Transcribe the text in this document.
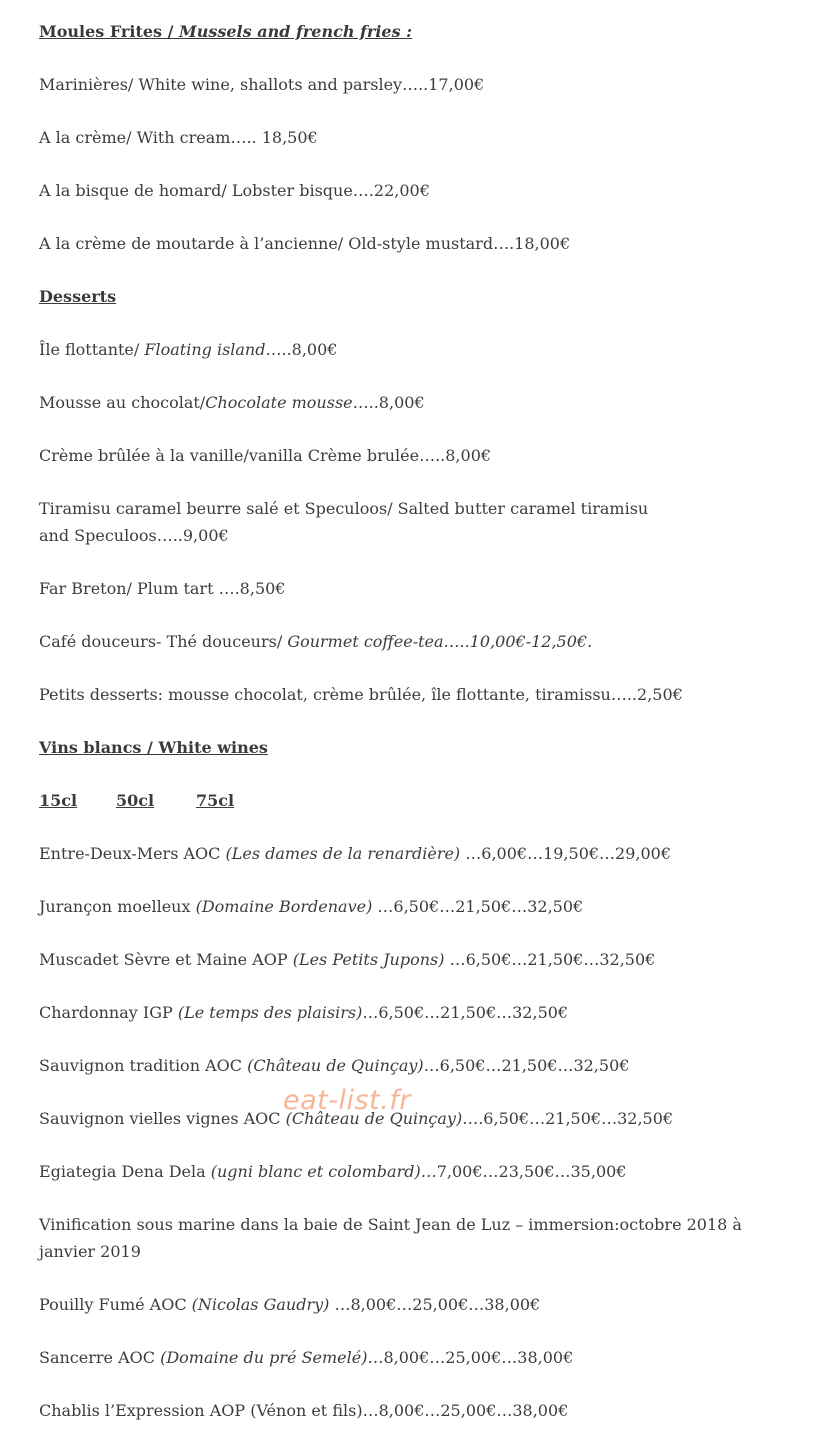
Moules Frites / Mussels and french fries :

Marinières/ White wine, shallots and parsley…..17,00€

A la crème/ With cream….. 18,50€

A la bisque de homard/ Lobster bisque….22,00€

A la crème de moutarde à l’ancienne/ Old-style mustard….18,00€

Desserts

Île flottante/ Floating island…..8,00€

Mousse au chocolat/Chocolate mousse…..8,00€

Crème brûlée à la vanille/vanilla Crème brulée…..8,00€

Tiramisu caramel beurre salé et Speculoos/ Salted butter caramel tiramisu and Speculoos…..9,00€

Far Breton/ Plum tart ….8,50€

Café douceurs- Thé douceurs/ Gourmet coffee-tea…..10,00€-12,50€.

Petits desserts: mousse chocolat, crème brûlée, île flottante, tiramissu…..2,50€

Vins blancs / White wines

15cl	50cl	75cl

Entre-Deux-Mers AOC (Les dames de la renardière) …6,00€…19,50€…29,00€

Jurançon moelleux (Domaine Bordenave) …6,50€…21,50€…32,50€

Muscadet Sèvre et Maine AOP (Les Petits Jupons) …6,50€…21,50€…32,50€

Chardonnay IGP (Le temps des plaisirs)…6,50€…21,50€…32,50€

Sauvignon tradition AOC (Château de Quinçay)…6,50€…21,50€…32,50€

Sauvignon vielles vignes AOC (Château de Quinçay)….6,50€…21,50€…32,50€

Egiategia Dena Dela (ugni blanc et colombard)…7,00€…23,50€…35,00€

Vinification sous marine dans la baie de Saint Jean de Luz – immersion:octobre 2018 à janvier 2019

Pouilly Fumé AOC (Nicolas Gaudry) …8,00€…25,00€…38,00€

Sancerre AOC (Domaine du pré Semelé)…8,00€…25,00€…38,00€

Chablis l’Expression AOP (Vénon et fils)…8,00€…25,00€…38,00€

eat-list.fr
